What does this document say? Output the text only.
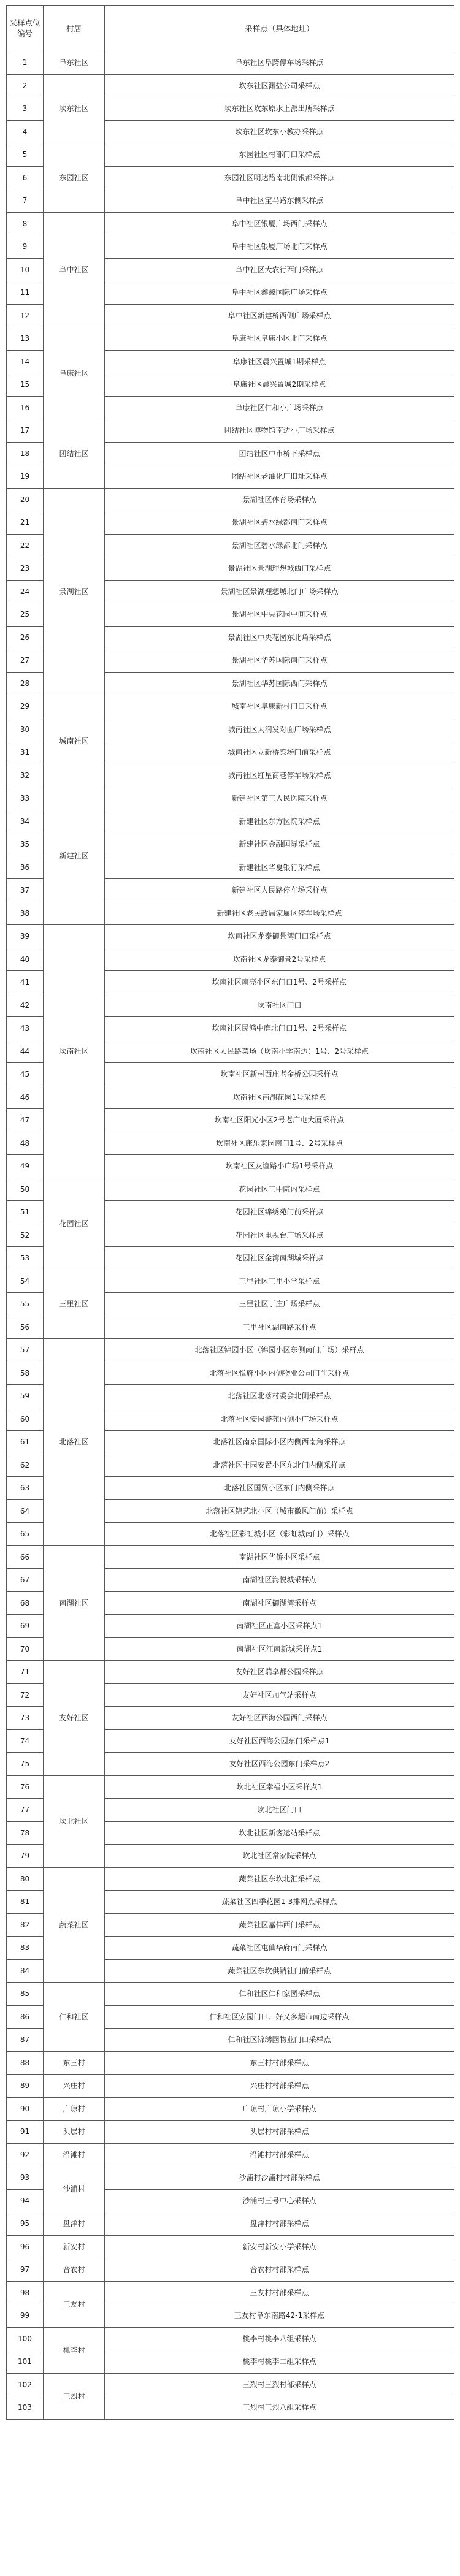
采样点位编号	村居	采样点（具体地址）
1	阜东社区	阜东社区阜跨停车场采样点
2	坎东社区	坎东社区渊盐公司采样点
3		坎东社区坎东原水上派出所采样点
4		坎东社区坎东小教办采样点
5	东园社区	东园社区村部门口采样点
6		东园社区明达路南北侧银都采样点
7		阜中社区宝马路东侧采样点
8	阜中社区	阜中社区银厦广场西门采样点
9		阜中社区银厦广场北门采样点
10		阜中社区大农行西门采样点
11		阜中社区鑫鑫国际广场采样点
12		阜中社区新建桥西侧广场采样点
13	阜康社区	阜康社区阜康小区北门采样点
14		阜康社区晨兴置城1期采样点
15		阜康社区晨兴置城2期采样点
16		阜康社区仁和小广场采样点
17	团结社区	团结社区博物馆南边小广场采样点
18		团结社区中市桥下采样点
19		团结社区老油化厂旧址采样点
20	景湖社区	景湖社区体育场采样点
21		景湖社区碧水绿都南门采样点
22		景湖社区碧水绿都北门采样点
23		景湖社区景湖理想城西门采样点
24		景湖社区景湖理想城北门广场采样点
25		景湖社区中央花园中间采样点
26		景湖社区中央花园东北角采样点
27		景湖社区华苏国际南门采样点
28		景湖社区华苏国际西门采样点
29	城南社区	城南社区阜康新村门口采样点
30		城南社区大润发对面广场采样点
31		城南社区立新桥菜场门前采样点
32		城南社区红星商巷停车场采样点
33	新建社区	新建社区第三人民医院采样点
34		新建社区东方医院采样点
35		新建社区金融国际采样点
36		新建社区华夏银行采样点
37		新建社区人民路停车场采样点
38		新建社区老民政局家属区停车场采样点
39	坎南社区	坎南社区龙泰御景湾门口采样点
40		坎南社区龙泰御景2号采样点
41		坎南社区南亮小区东门口1号、2号采样点
42		坎南社区门口
43		坎南社区民鸿中庭北门口1号、2号采样点
44		坎南社区人民路菜场（坎南小学南边）1号、2号采样点
45		坎南社区新村西庄老金桥公园采样点
46		坎南社区南湖花园1号采样点
47		坎南社区阳光小区2号老广电大厦采样点
48		坎南社区康乐家园南门1号、2号采样点
49		坎南社区友谊路小广场1号采样点
50	花园社区	花园社区三中院内采样点
51		花园社区锦绣苑门前采样点
52		花园社区电视台广场采样点
53		花园社区金湾南湖城采样点
54	三里社区	三里社区三里小学采样点
55		三里社区丁庄广场采样点
56		三里社区湖南路采样点
57	北落社区	北落社区锦园小区（锦园小区东侧南门广场）采样点
58		北落社区悦府小区内侧物业公司门前采样点
59		北落社区北落村委会北侧采样点
60		北落社区安园警苑内侧小广场采样点
61		北落社区南京国际小区内侧西南角采样点
62		北落社区丰园安置小区东北门内侧采样点
63		北落社区国贸小区东门内侧采样点
64		北落社区锦艺北小区（城市微风门前）采样点
65		北落社区彩虹城小区（彩虹城南门）采样点
66	南湖社区	南湖社区华侨小区采样点
67		南湖社区海悦城采样点
68		南湖社区御湖湾采样点
69		南湖社区正鑫小区采样点1
70		南湖社区江南新城采样点1
71	友好社区	友好社区瑞享都公园采样点
72		友好社区加气站采样点
73		友好社区西海公园西门采样点
74		友好社区西海公园东门采样点1
75		友好社区西海公园东门采样点2
76	坎北社区	坎北社区幸福小区采样点1
77		坎北社区门口
78		坎北社区新客运站采样点
79		坎北社区常家院采样点
80	蔬菜社区	蔬菜社区东坎北汇采样点
81		蔬菜社区四季花园1-3排网点采样点
82		蔬菜社区嘉伟西门采样点
83		蔬菜社区屯仙华府南门采样点
84		蔬菜社区东坎供销社门前采样点
85	仁和社区	仁和社区仁和家园采样点
86		仁和社区安园门口、好又多超市南边采样点
87		仁和社区锦绣园物业门口采样点
88	东三村	东三村村部采样点
89	兴庄村	兴庄村村部采样点
90	广琼村	广琼村广琼小学采样点
91	头层村	头层村村部采样点
92	沿滩村	沿滩村村部采样点
93	沙浦村	沙浦村沙浦村村部采样点
94		沙浦村三号中心采样点
95	盘洋村	盘洋村村部采样点
96	新安村	新安村新安小学采样点
97	合农村	合农村村部采样点
98	三友村	三友村村部采样点
99		三友村阜东南路42-1采样点
100	桃李村	桃李村桃李八组采样点
101		桃李村桃李二组采样点
102	三烈村	三烈村三烈村部采样点
103		三烈村三烈八组采样点
